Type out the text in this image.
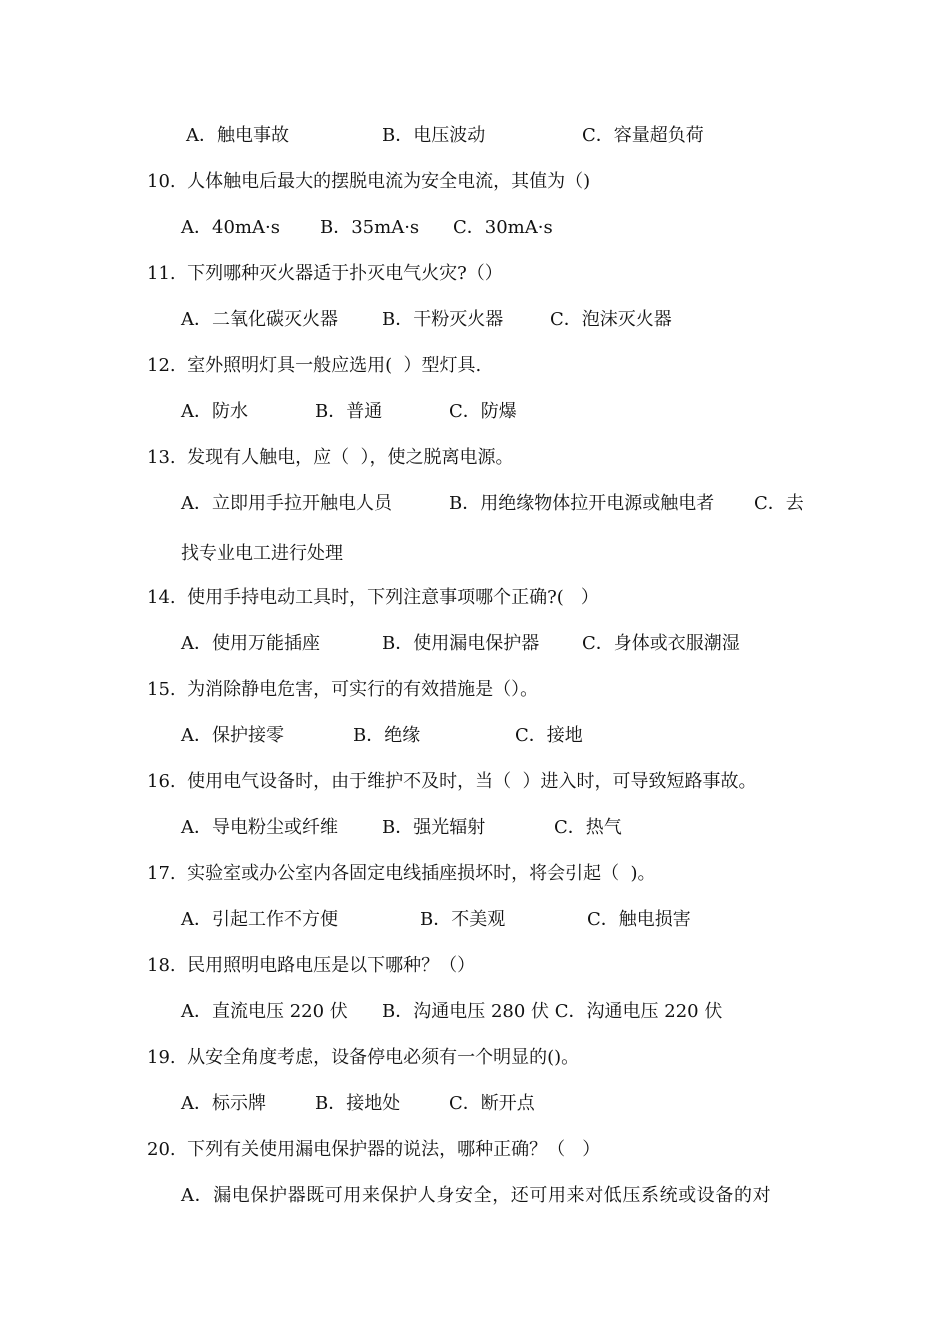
A．触电事故	B．电压波动	C．容量超负荷
10.  人体触电后最大的摆脱电流为安全电流，其值为（)
A．40mA·s B．35mA·s C．30mA·s
11.  下列哪种灭火器适于扑灭电气火灾?（）
A．二氧化碳灭火器 B．干粉灭火器	C．泡沫灭火器
12.  室外照明灯具一般应选用(  ）型灯具.
A．防水	B．普通	C．防爆
13.  发现有人触电，应（  ），使之脱离电源。
A．立即用手拉开触电人员	B．用绝缘物体拉开电源或触电者 C．去
找专业电工进行处理
14.  使用手持电动工具时，下列注意事项哪个正确?(   ）
A．使用万能插座	B．使用漏电保护器 C．身体或衣服潮湿
15.  为消除静电危害，可实行的有效措施是（）。
A．保护接零	B．绝缘	C．接地
16.  使用电气设备时，由于维护不及时，当（  ）进入时，可导致短路事故。
A．导电粉尘或纤维 B．强光辐射	C．热气
17.  实验室或办公室内各固定电线插座损坏时，将会引起（  )。
A．引起工作不方便	B．不美观	C．触电损害
18.  民用照明电路电压是以下哪种？（）
A．直流电压 220 伏 B．沟通电压 280 伏 C．沟通电压 220 伏
19.  从安全角度考虑，设备停电必须有一个明显的()。
A．标示牌	B．接地处	C．断开点
20.  下列有关使用漏电保护器的说法，哪种正确？（   ）
A．漏电保护器既可用来保护人身安全，还可用来对低压系统或设备的对
